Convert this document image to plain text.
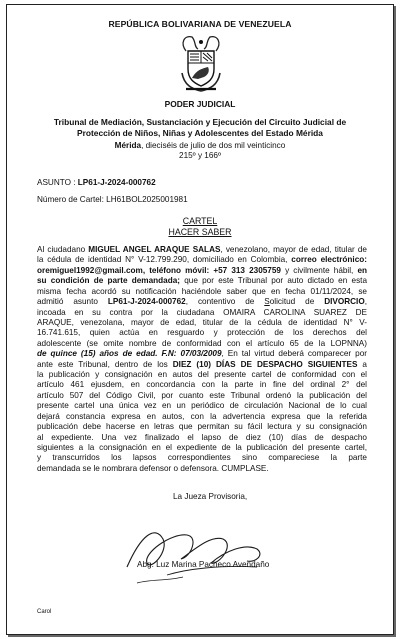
REPÚBLICA BOLIVARIANA DE VENEZUELA
PODER JUDICIAL
Tribunal de Mediación, Sustanciación y Ejecución del Circuito Judicial de
Protección de Niños, Niñas y Adolescentes del Estado Mérida
Mérida, dieciséis de julio de dos mil veinticinco
215º y 166º
ASUNTO : LP61-J-2024-000762
Número de Cartel: LH61BOL2025001981
CARTEL
HACER SABER
Al ciudadano MIGUEL ANGEL ARAQUE SALAS, venezolano, mayor de edad, titular de
la cédula de identidad N° V-12.799.290, domiciliado en Colombia, correo electrónico:
oremiguel1992@gmail.com, teléfono móvil: +57 313 2305759 y civilmente hábil, en
su condición de parte demandada; que por este Tribunal por auto dictado en esta
misma fecha acordó su notificación haciéndole saber que en fecha 01/11/2024, se
admitió asunto LP61-J-2024-000762, contentivo de Solicitud de DIVORCIO,
incoada en su contra por la ciudadana OMAIRA CAROLINA SUAREZ DE
ARAQUE, venezolana, mayor de edad, titular de la cédula de identidad N° V-
16.741.615, quien actúa en resguardo y protección de los derechos del
adolescente (se omite nombre de conformidad con el artículo 65 de la LOPNNA)
de quince (15) años de edad. F.N: 07/03/2009, En tal virtud deberá comparecer por
ante este Tribunal, dentro de los DIEZ (10) DÍAS DE DESPACHO SIGUIENTES a
la publicación y consignación en autos del presente cartel de conformidad con el
artículo 461 ejusdem, en concordancia con la parte in fine del ordinal 2° del
artículo 507 del Código Civil, por cuanto este Tribunal ordenó la publicación del
presente cartel una única vez en un periódico de circulación Nacional de lo cual
dejará constancia expresa en autos, con la advertencia expresa que la referida
publicación debe hacerse en letras que permitan su fácil lectura y su consignación
al expediente. Una vez finalizado el lapso de diez (10) días de despacho
siguientes a la consignación en el expediente de la publicación del presente cartel,
y transcurridos los lapsos correspondientes sino compareciese la parte
demandada se le nombrara defensor o defensora. CUMPLASE.
La Jueza Provisoria,
Abg. Luz Marina Pacheco Avendaño
Carol
